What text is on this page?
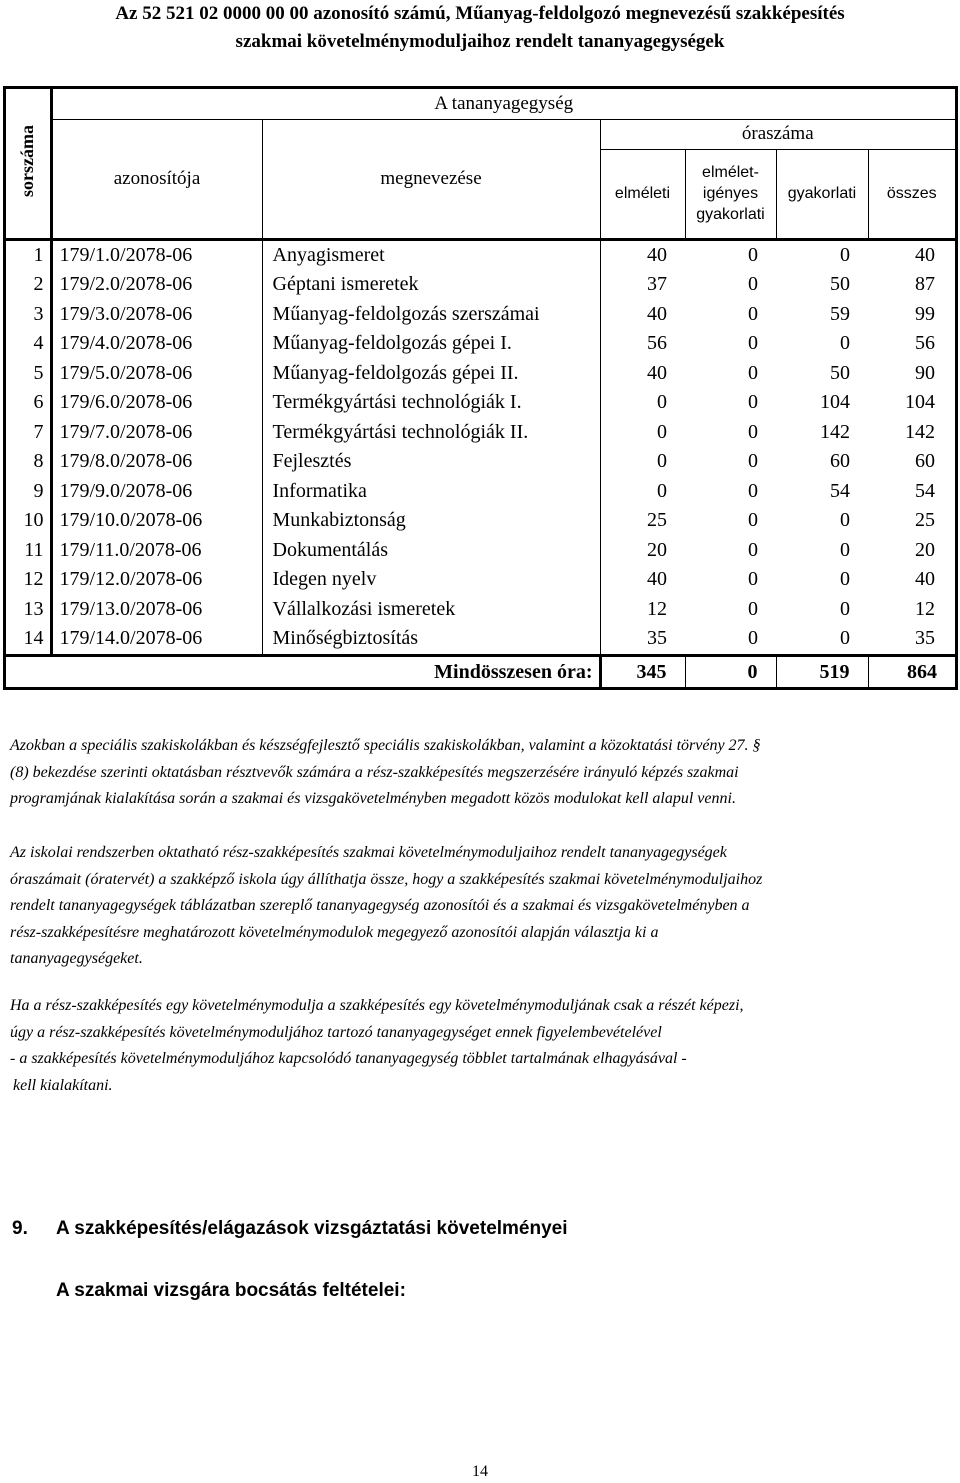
Az 52 521 02 0000 00 00 azonosító számú, Műanyag-feldolgozó megnevezésű szakképesítés
szakmai követelménymoduljaihoz rendelt tananyagegységek
sorszáma	A tananyagegység					
	azonosítója	megnevezése	óraszáma			
			elméleti	elmélet-
igényes
gyakorlati	gyakorlati	összes
1	179/1.0/2078-06	Anyagismeret	40	0	0	40
2	179/2.0/2078-06	Géptani ismeretek	37	0	50	87
3	179/3.0/2078-06	Műanyag-feldolgozás szerszámai	40	0	59	99
4	179/4.0/2078-06	Műanyag-feldolgozás gépei I.	56	0	0	56
5	179/5.0/2078-06	Műanyag-feldolgozás gépei II.	40	0	50	90
6	179/6.0/2078-06	Termékgyártási technológiák I.	0	0	104	104
7	179/7.0/2078-06	Termékgyártási technológiák II.	0	0	142	142
8	179/8.0/2078-06	Fejlesztés	0	0	60	60
9	179/9.0/2078-06	Informatika	0	0	54	54
10	179/10.0/2078-06	Munkabiztonság	25	0	0	25
11	179/11.0/2078-06	Dokumentálás	20	0	0	20
12	179/12.0/2078-06	Idegen nyelv	40	0	0	40
13	179/13.0/2078-06	Vállalkozási ismeretek	12	0	0	12
14	179/14.0/2078-06	Minőségbiztosítás	35	0	0	35
Mindösszesen óra:			345	0	519	864
Azokban a speciális szakiskolákban és készségfejlesztő speciális szakiskolákban, valamint a közoktatási törvény 27. §
(8) bekezdése szerinti oktatásban résztvevők számára a rész-szakképesítés megszerzésére irányuló képzés szakmai
programjának kialakítása során a szakmai és vizsgakövetelményben megadott közös modulokat kell alapul venni.
Az iskolai rendszerben oktatható rész-szakképesítés szakmai követelménymoduljaihoz rendelt tananyagegységek
óraszámait (óratervét) a szakképző iskola úgy állíthatja össze, hogy a szakképesítés szakmai követelménymoduljaihoz
rendelt tananyagegységek táblázatban szereplő tananyagegység azonosítói és a szakmai és vizsgakövetelményben a
rész-szakképesítésre meghatározott követelménymodulok megegyező azonosítói alapján választja ki a
tananyagegységeket.
Ha a rész-szakképesítés egy követelménymodulja a szakképesítés egy követelménymoduljának csak a részét képezi,
úgy a rész-szakképesítés követelménymoduljához tartozó tananyagegységet ennek figyelembevételével
- a szakképesítés követelménymoduljához kapcsolódó tananyagegység többlet tartalmának elhagyásával -
kell kialakítani.
9. A szakképesítés/elágazások vizsgáztatási követelményei
A szakmai vizsgára bocsátás feltételei:
14
